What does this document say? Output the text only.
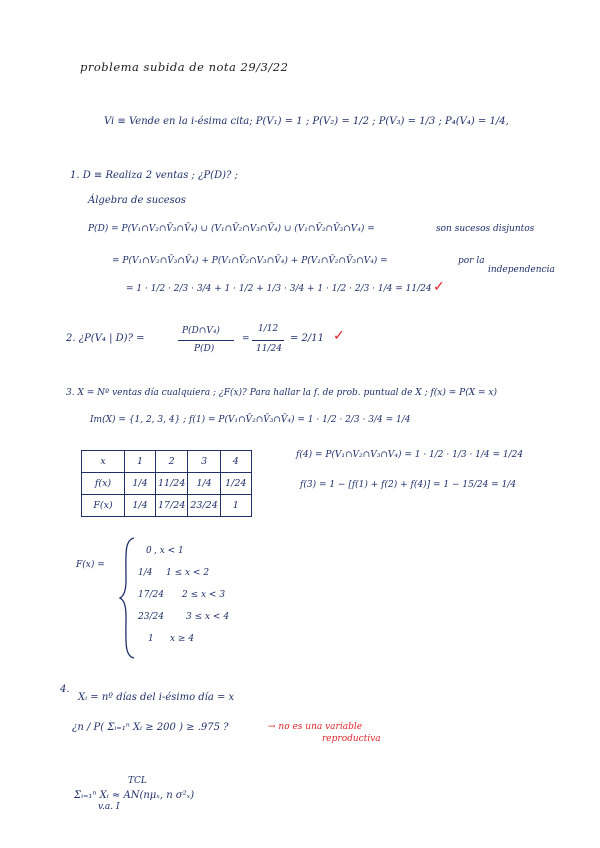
problema subida de nota 29/3/22
Vi ≡ Vende en la i-ésima cita; P(V₁) = 1 ; P(V₂) = 1/2 ; P(V₃) = 1/3 ; P₄(V₄) = 1/4,
1. D ≡ Realiza 2 ventas ; ¿P(D)? ;
Álgebra de sucesos
P(D) = P(V₁∩V₂∩V̄₃∩V̄₄) ∪ (V₁∩V̄₂∩V₃∩V̄₄) ∪ (V₁∩V̄₂∩V̄₃∩V₄) =	son sucesos disjuntos
= P(V₁∩V₂∩V̄₃∩V̄₄) + P(V₁∩V̄₂∩V₃∩V̄₄) + P(V₁∩V̄₂∩V̄₃∩V₄) =	por la
independencia
= 1 · 1/2 · 2/3 · 3/4 + 1 · 1/2 + 1/3 · 3/4 + 1 · 1/2 · 2/3 · 1/4 = 11/24 ✓
2. ¿P(V₄ | D)? =
P(D∩V₄)
P(D)
=
1/12
11/24
= 2/11 ✓
3. X = Nº ventas día cualquiera ; ¿F(x)? Para hallar la f. de prob. puntual de X ; f(x) = P(X = x)
Im(X) = {1, 2, 3, 4} ; f(1) = P(V₁∩V̄₂∩V̄₃∩V̄₄) = 1 · 1/2 · 2/3 · 3/4 = 1/4
f(4) = P(V₁∩V₂∩V₃∩V₄) = 1 · 1/2 · 1/3 · 1/4 = 1/24
f(3) = 1 − [f(1) + f(2) + f(4)] = 1 − 15/24 = 1/4
x	1	2	3	4
f(x)	1/4	11/24	1/4	1/24
F(x)	1/4	17/24	23/24	1
F(x) =
0 , x < 1
1/4 1 ≤ x < 2
17/24 2 ≤ x < 3
23/24 3 ≤ x < 4
1 x ≥ 4
4.
Xᵢ = nº días del i-ésimo día = x
¿n / P( Σᵢ₌₁ⁿ Xᵢ ≥ 200 ) ≥ .975 ?	→ no es una variable
reproductiva
TCL
Σᵢ₌₁ⁿ Xᵢ ≈ AN(nμₓ, n σ²ₓ)
v.a. I
